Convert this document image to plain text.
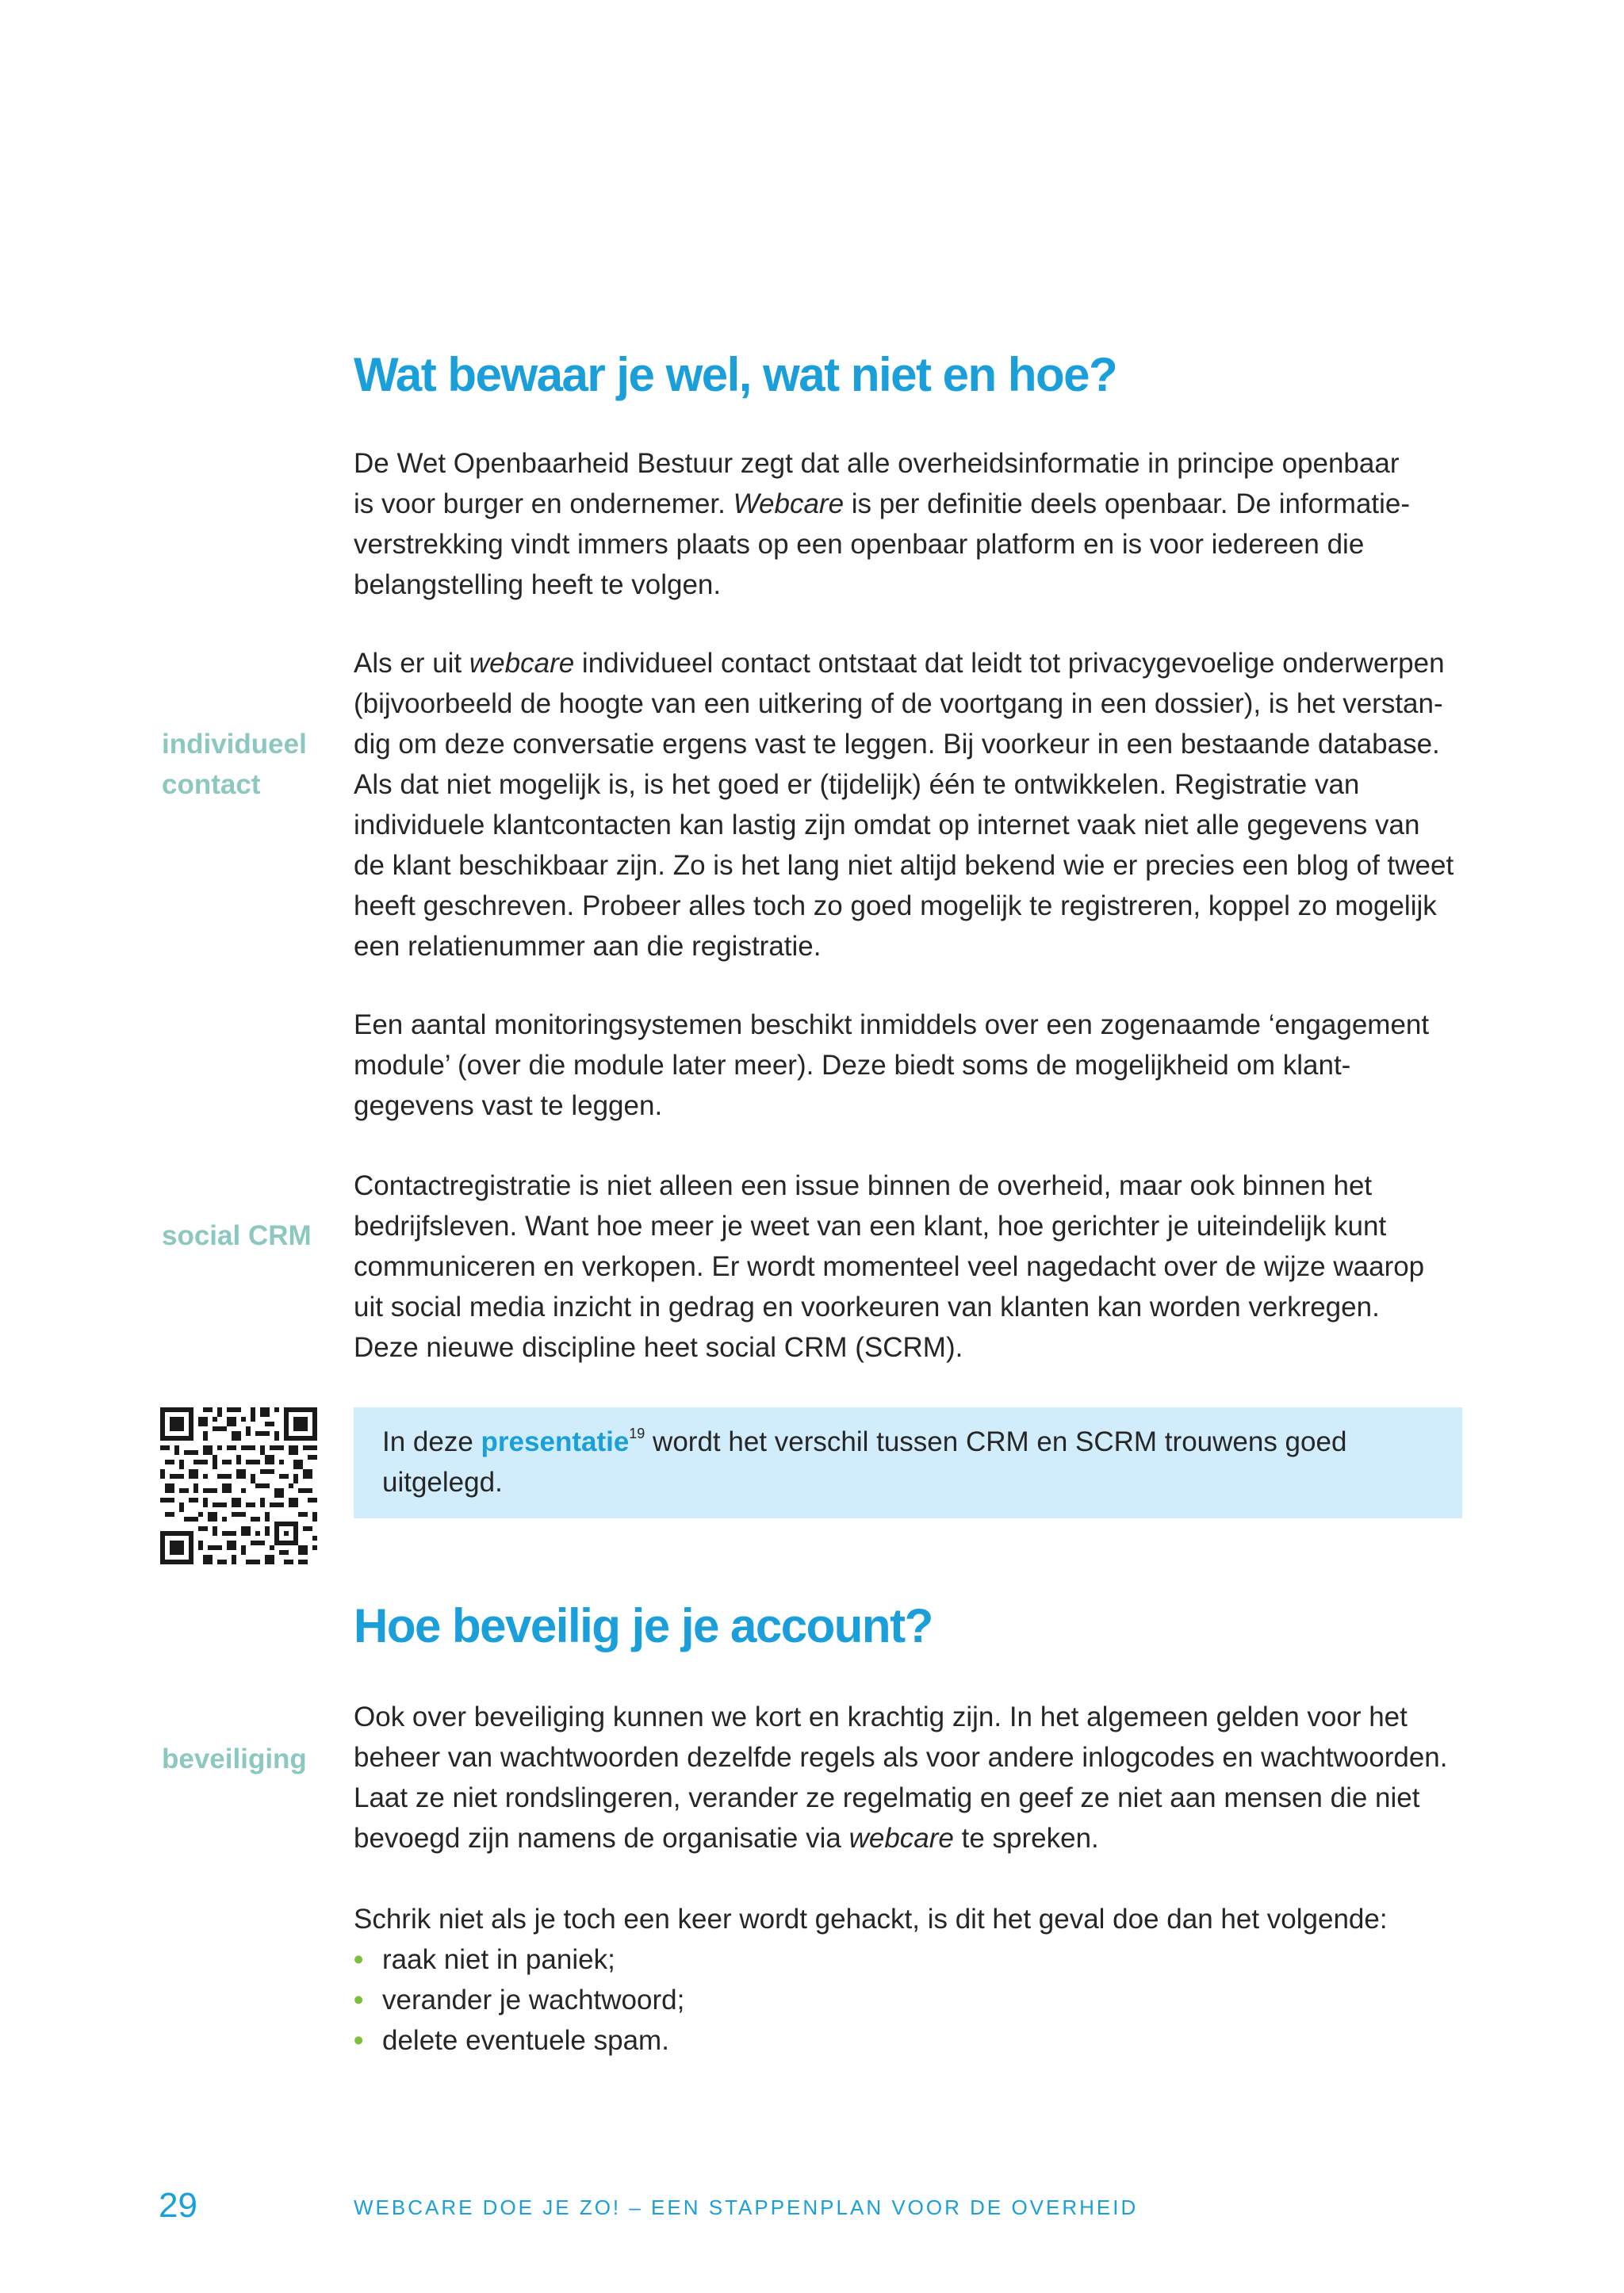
Wat bewaar je wel, wat niet en hoe?

De Wet Openbaarheid Bestuur zegt dat alle overheidsinformatie in principe openbaar
is voor burger en ondernemer. Webcare is per definitie deels openbaar. De informatie-
verstrekking vindt immers plaats op een openbaar platform en is voor iedereen die
belangstelling heeft te volgen.

Als er uit webcare individueel contact ontstaat dat leidt tot privacygevoelige onderwerpen
(bijvoorbeeld de hoogte van een uitkering of de voortgang in een dossier), is het verstan-
dig om deze conversatie ergens vast te leggen. Bij voorkeur in een bestaande database.
Als dat niet mogelijk is, is het goed er (tijdelijk) één te ontwikkelen. Registratie van
individuele klantcontacten kan lastig zijn omdat op internet vaak niet alle gegevens van
de klant beschikbaar zijn. Zo is het lang niet altijd bekend wie er precies een blog of tweet
heeft geschreven. Probeer alles toch zo goed mogelijk te registreren, koppel zo mogelijk
een relatienummer aan die registratie.

Een aantal monitoringsystemen beschikt inmiddels over een zogenaamde ‘engagement
module’ (over die module later meer). Deze biedt soms de mogelijkheid om klant-
gegevens vast te leggen.

Contactregistratie is niet alleen een issue binnen de overheid, maar ook binnen het
bedrijfsleven. Want hoe meer je weet van een klant, hoe gerichter je uiteindelijk kunt
communiceren en verkopen. Er wordt momenteel veel nagedacht over de wijze waarop
uit social media inzicht in gedrag en voorkeuren van klanten kan worden verkregen.
Deze nieuwe discipline heet social CRM (SCRM).

individueel
contact
social CRM
beveiliging

In deze presentatie$^{19}$ wordt het verschil tussen CRM en SCRM trouwens goed
uitgelegd.

Hoe beveilig je je account?

Ook over beveiliging kunnen we kort en krachtig zijn. In het algemeen gelden voor het
beheer van wachtwoorden dezelfde regels als voor andere inlogcodes en wachtwoorden.
Laat ze niet rondslingeren, verander ze regelmatig en geef ze niet aan mensen die niet
bevoegd zijn namens de organisatie via webcare te spreken.

Schrik niet als je toch een keer wordt gehackt, is dit het geval doe dan het volgende:

• raak niet in paniek;
• verander je wachtwoord;
• delete eventuele spam.
29	WEBCARE DOE JE ZO! – EEN STAPPENPLAN VOOR DE OVERHEID
